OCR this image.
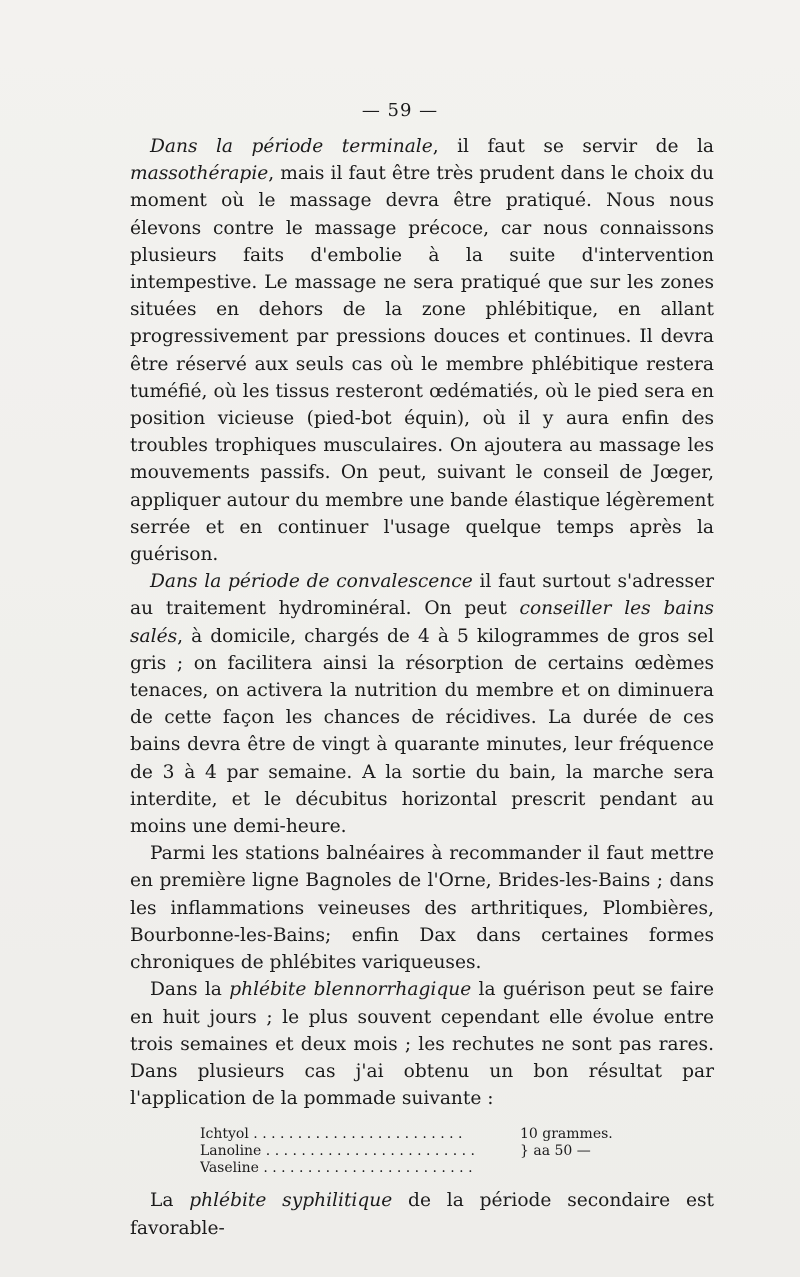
— 59 —

Dans la période terminale, il faut se servir de la massothérapie, mais il faut être très prudent dans le choix du moment où le massage devra être pratiqué. Nous nous élevons contre le massage précoce, car nous connaissons plusieurs faits d'embolie à la suite d'intervention intempestive. Le massage ne sera pratiqué que sur les zones situées en dehors de la zone phlébitique, en allant progressivement par pressions douces et continues. Il devra être réservé aux seuls cas où le membre phlébitique restera tuméfié, où les tissus resteront œdématiés, où le pied sera en position vicieuse (pied-bot équin), où il y aura enfin des troubles trophiques musculaires. On ajoutera au massage les mouvements passifs. On peut, suivant le conseil de Jœger, appliquer autour du membre une bande élastique légèrement serrée et en continuer l'usage quelque temps après la guérison.

Dans la période de convalescence il faut surtout s'adresser au traitement hydrominéral. On peut conseiller les bains salés, à domicile, chargés de 4 à 5 kilogrammes de gros sel gris ; on facilitera ainsi la résorption de certains œdèmes tenaces, on activera la nutrition du membre et on diminuera de cette façon les chances de récidives. La durée de ces bains devra être de vingt à quarante minutes, leur fréquence de 3 à 4 par semaine. A la sortie du bain, la marche sera interdite, et le décubitus horizontal prescrit pendant au moins une demi-heure.

Parmi les stations balnéaires à recommander il faut mettre en première ligne Bagnoles de l'Orne, Brides-les-Bains ; dans les inflammations veineuses des arthritiques, Plombières, Bourbonne-les-Bains; enfin Dax dans certaines formes chroniques de phlébites variqueuses.

Dans la phlébite blennorrhagique la guérison peut se faire en huit jours ; le plus souvent cependant elle évolue entre trois semaines et deux mois ; les rechutes ne sont pas rares. Dans plusieurs cas j'ai obtenu un bon résultat par l'application de la pommade suivante :

Ichtyol . . .	10 grammes.
Lanoline . . .	} aa 50 —
Vaseline . . .

La phlébite syphilitique de la période secondaire est favorable-
